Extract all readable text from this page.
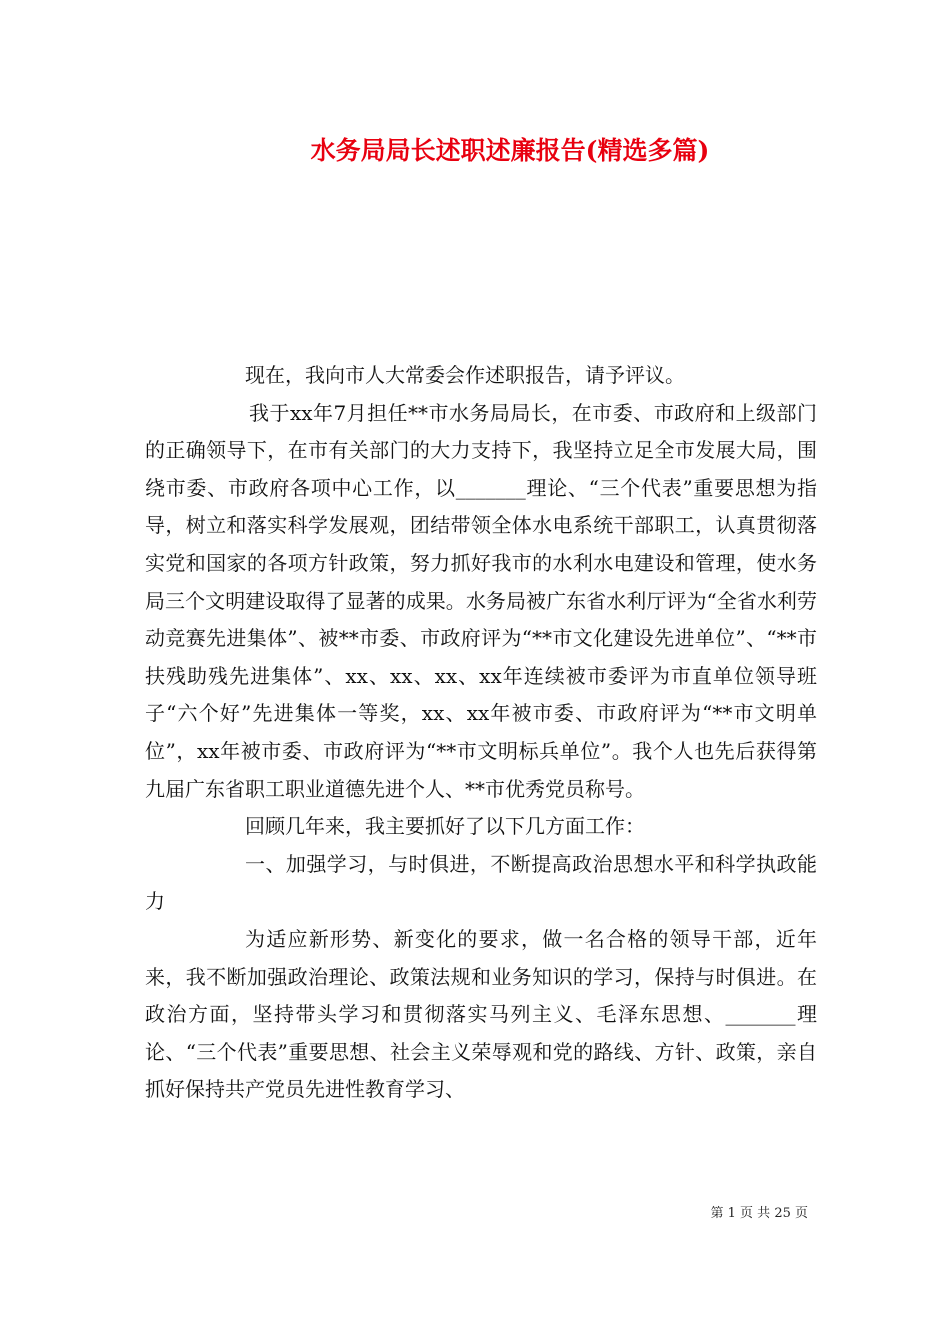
水务局局长述职述廉报告(精选多篇)

现在，我向市人大常委会作述职报告，请予评议。

我于xx年7月担任**市水务局局长，在市委、市政府和上级部门的正确领导下，在市有关部门的大力支持下，我坚持立足全市发展大局，围绕市委、市政府各项中心工作，以_______理论、“三个代表”重要思想为指导，树立和落实科学发展观，团结带领全体水电系统干部职工，认真贯彻落实党和国家的各项方针政策，努力抓好我市的水利水电建设和管理，使水务局三个文明建设取得了显著的成果。水务局被广东省水利厅评为“全省水利劳动竞赛先进集体”、被**市委、市政府评为“**市文化建设先进单位”、“**市扶残助残先进集体”、xx、xx、xx、xx年连续被市委评为市直单位领导班子“六个好”先进集体一等奖，xx、xx年被市委、市政府评为“**市文明单位”，xx年被市委、市政府评为“**市文明标兵单位”。我个人也先后获得第九届广东省职工职业道德先进个人、**市优秀党员称号。

回顾几年来，我主要抓好了以下几方面工作：

一、加强学习，与时俱进，不断提高政治思想水平和科学执政能力

为适应新形势、新变化的要求，做一名合格的领导干部，近年来，我不断加强政治理论、政策法规和业务知识的学习，保持与时俱进。在政治方面，坚持带头学习和贯彻落实马列主义、毛泽东思想、_______理论、“三个代表”重要思想、社会主义荣辱观和党的路线、方针、政策，亲自抓好保持共产党员先进性教育学习、

第 1 页 共 25 页
